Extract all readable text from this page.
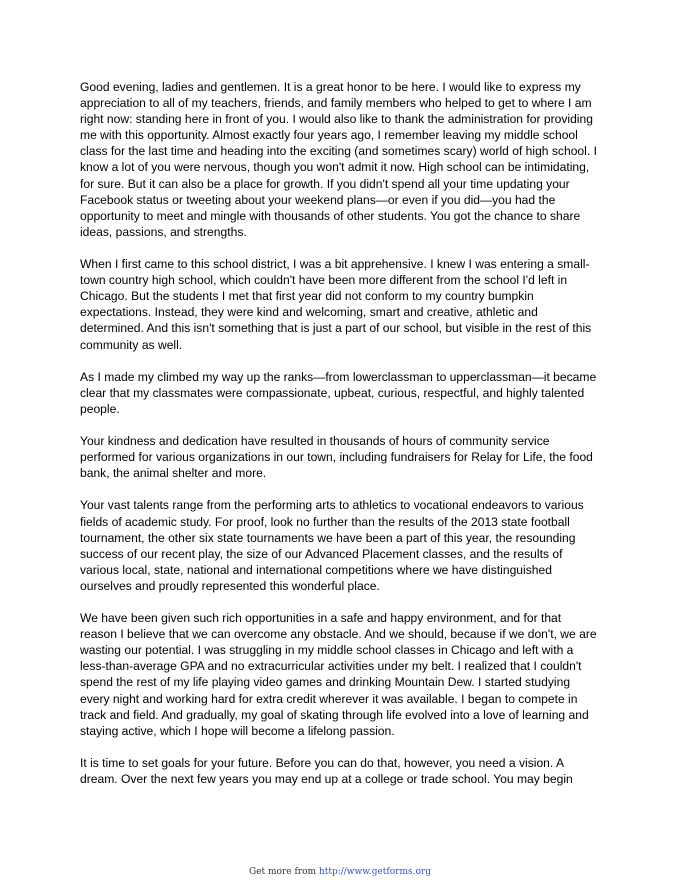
Good evening, ladies and gentlemen. It is a great honor to be here. I would like to express my appreciation to all of my teachers, friends, and family members who helped to get to where I am right now: standing here in front of you. I would also like to thank the administration for providing me with this opportunity. Almost exactly four years ago, I remember leaving my middle school class for the last time and heading into the exciting (and sometimes scary) world of high school. I know a lot of you were nervous, though you won't admit it now. High school can be intimidating, for sure. But it can also be a place for growth. If you didn't spend all your time updating your Facebook status or tweeting about your weekend plans—or even if you did—you had the opportunity to meet and mingle with thousands of other students. You got the chance to share ideas, passions, and strengths.

When I first came to this school district, I was a bit apprehensive. I knew I was entering a small-town country high school, which couldn't have been more different from the school I'd left in Chicago. But the students I met that first year did not conform to my country bumpkin expectations. Instead, they were kind and welcoming, smart and creative, athletic and determined. And this isn't something that is just a part of our school, but visible in the rest of this community as well.

As I made my climbed my way up the ranks—from lowerclassman to upperclassman—it became clear that my classmates were compassionate, upbeat, curious, respectful, and highly talented people.

Your kindness and dedication have resulted in thousands of hours of community service performed for various organizations in our town, including fundraisers for Relay for Life, the food bank, the animal shelter and more.

Your vast talents range from the performing arts to athletics to vocational endeavors to various fields of academic study. For proof, look no further than the results of the 2013 state football tournament, the other six state tournaments we have been a part of this year, the resounding success of our recent play, the size of our Advanced Placement classes, and the results of various local, state, national and international competitions where we have distinguished ourselves and proudly represented this wonderful place.

We have been given such rich opportunities in a safe and happy environment, and for that reason I believe that we can overcome any obstacle. And we should, because if we don't, we are wasting our potential. I was struggling in my middle school classes in Chicago and left with a less-than-average GPA and no extracurricular activities under my belt. I realized that I couldn't spend the rest of my life playing video games and drinking Mountain Dew. I started studying every night and working hard for extra credit wherever it was available. I began to compete in track and field. And gradually, my goal of skating through life evolved into a love of learning and staying active, which I hope will become a lifelong passion.

It is time to set goals for your future. Before you can do that, however, you need a vision. A dream. Over the next few years you may end up at a college or trade school. You may begin

Get more from http://www.getforms.org
